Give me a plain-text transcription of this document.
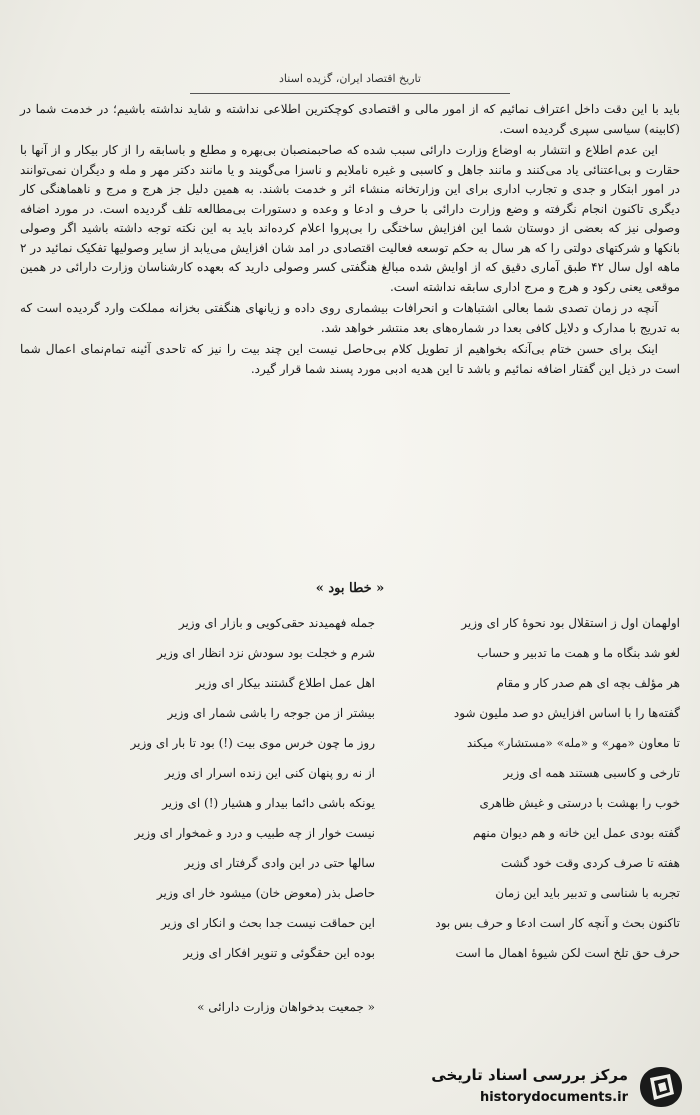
تاریخ اقتصاد ایران، گزیده اسناد

باید با این دقت داخل اعتراف نمائیم که از امور مالی و اقتصادی کوچکترین اطلاعی نداشته و شاید نداشته باشیم؛ در خدمت شما در (کابینه) سیاسی سپری گردیده است.

این عدم اطلاع و انتشار به اوضاع وزارت دارائی سبب شده که صاحبمنصبان بی‌بهره و مطلع و باسابقه را از کار بیکار و از آنها با حقارت و بی‌اعتنائی یاد می‌کنند و مانند جاهل و کاسبی و غیره ناملایم و ناسزا می‌گویند و یا مانند دکتر مهر و مله و دیگران نمی‌توانند در امور ابتکار و جدی و تجارب اداری برای این وزارتخانه منشاء اثر و خدمت باشند. به همین دلیل جز هرج و مرج و ناهماهنگی کار دیگری تاکنون انجام نگرفته و وضع وزارت دارائی با حرف و ادعا و وعده و دستورات بی‌مطالعه تلف گردیده است. در مورد اضافه وصولی نیز که بعضی از دوستان شما این افزایش ساختگی را بی‌پروا اعلام کرده‌اند باید به این نکته توجه داشته باشید اگر وصولی بانکها و شرکتهای دولتی را که هر سال به حکم توسعه فعالیت اقتصادی در امد شان افزایش می‌یابد از سایر وصولیها تفکیک نمائید در ۲ ماهه اول سال ۴۲ طبق آماری دقیق که از اوایش شده مبالغ هنگفتی کسر وصولی دارید که بعهده کارشناسان وزارت دارائی در همین موقعی یعنی رکود و هرج و مرج اداری سابقه نداشته است.

آنچه در زمان تصدی شما بعالی اشتباهات و انحرافات بیشماری روی داده و زیانهای هنگفتی بخزانه مملکت وارد گردیده است که به تدریج با مدارک و دلایل کافی بعدا در شماره‌های بعد منتشر خواهد شد.

اینک برای حسن ختام بی‌آنکه بخواهیم از تطویل کلام بی‌حاصل نیست این چند بیت را نیز که تاحدی آئینه تمام‌نمای اعمال شما است در ذیل این گفتار اضافه نمائیم و باشد تا این هدیه ادبی مورد پسند شما قرار گیرد.

« خطا بود »
اولهمان اول ز استقلال بود نحوهٔ کار ای وزیر
لغو شد بنگاه ما و همت ما تدبیر و حساب
هر مؤلف بچه ای هم صدر کار و مقام
گفته‌ها را با اساس افزایش دو صد ملیون شود
تا معاون «مهر» و «مله» «مستشار» میکند
تارخی و کاسبی هستند همه ای وزیر
خوب را بهشت با درستی و غیش ظاهری
گفته بودی عمل این خانه و هم دیوان منهم
هفته تا صرف کردی وقت خود گشت
تجربه با شناسی و تدبیر باید این زمان
تاکنون بحث و آنچه کار است ادعا و حرف بس بود
حرف حق تلخ است لکن شیوهٔ اهمال ما است
جمله فهمیدند حقی‌کویی و بازار ای وزیر
شرم و خجلت بود سودش نزد انظار ای وزیر
اهل عمل اطلاع گشتند بیکار ای وزیر
بیشتر از من جوجه را باشی شمار ای وزیر
روز ما چون خرس موی بیت (!) بود تا بار ای وزیر
از نه رو پنهان کنی این زنده اسرار ای وزیر
یونکه باشی دائما بیدار و هشیار (!) ای وزیر
نیست خوار از چه طبیب و درد و غمخوار ای وزیر
سالها حتی در این وادی گرفتار ای وزیر
حاصل بذر (معوض خان) میشود خار ای وزیر
این حماقت نیست جدا بحث و انکار ای وزیر
بوده این حقگوئی و تنویر افکار ای وزیر
« جمعیت بدخواهان وزارت دارائی »
مرکز بررسی اسناد تاریخی
historydocuments.ir
